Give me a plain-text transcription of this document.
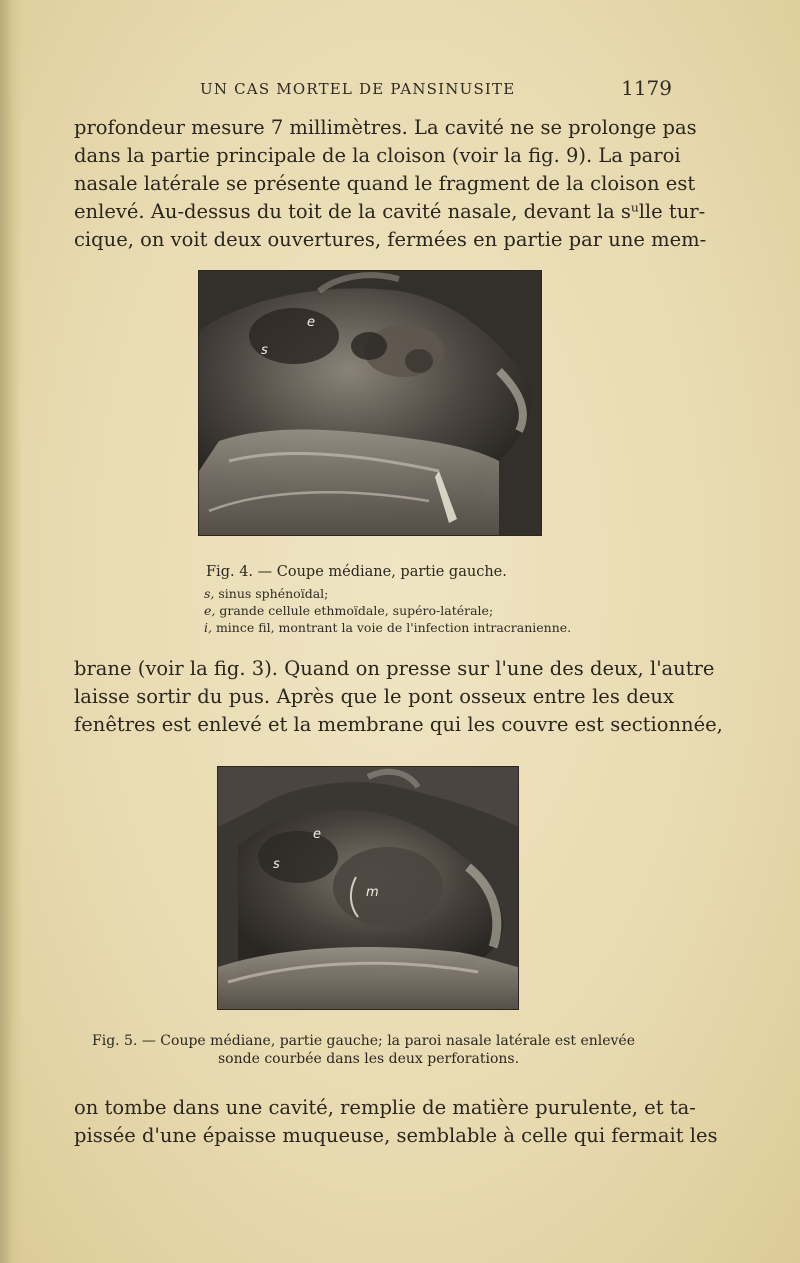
UN CAS MORTEL DE PANSINUSITE	1179
profondeur mesure 7 millimètres. La cavité ne se prolonge pas
dans la partie principale de la cloison (voir la fig. 9). La paroi
nasale latérale se présente quand le fragment de la cloison est
enlevé. Au-dessus du toit de la cavité nasale, devant la sᵘlle tur-
cique, on voit deux ouvertures, fermées en partie par une mem-
s
e
Fig. 4. — Coupe médiane, partie gauche.
s, sinus sphénoïdal;
e, grande cellule ethmoïdale, supéro-latérale;
i, mince fil, montrant la voie de l'infection intracranienne.
brane (voir la fig. 3). Quand on presse sur l'une des deux, l'autre
laisse sortir du pus. Après que le pont osseux entre les deux
fenêtres est enlevé et la membrane qui les couvre est sectionnée,
s
e
m
Fig. 5. — Coupe médiane, partie gauche; la paroi nasale latérale est enlevée
sonde courbée dans les deux perforations.
on tombe dans une cavité, remplie de matière purulente, et ta-
pissée d'une épaisse muqueuse, semblable à celle qui fermait les
